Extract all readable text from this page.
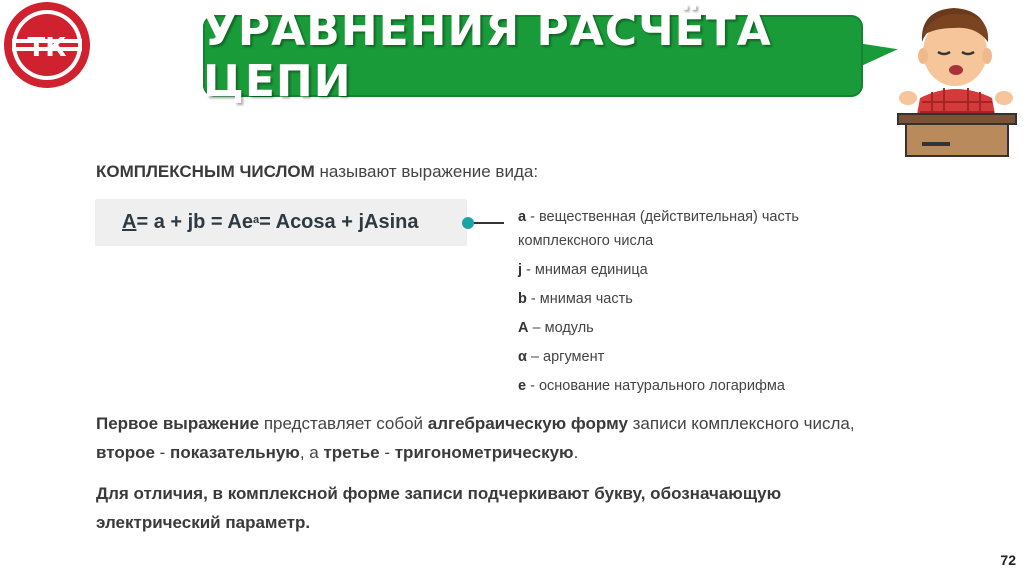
ТК	УРАВНЕНИЯ РАСЧЁТА ЦЕПИ
КОМПЛЕКСНЫМ ЧИСЛОМ называют выражение вида:
A = a + jb = $Ae^a = Acosa + jAsina$	a - вещественная (действительная) часть комплексного числа
j - мнимая единица
b - мнимая часть
A – модуль
α – аргумент
e - основание натурального логарифма
Первое выражение представляет собой алгебраическую форму записи комплексного числа, второе - показательную, а третье - тригонометрическую.
Для отличия, в комплексной форме записи подчеркивают букву, обозначающую электрический параметр.
72
